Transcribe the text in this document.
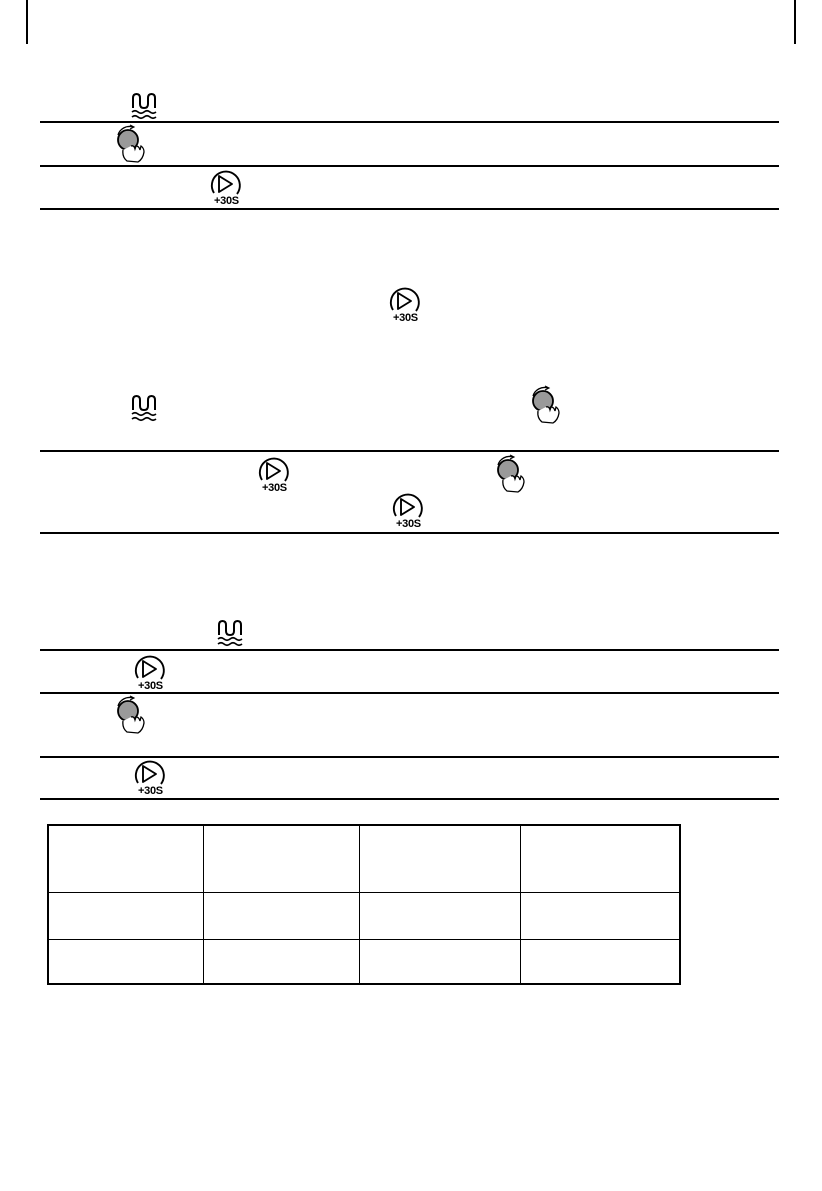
+30S
+30S
+30S
+30S
+30S
+30S
